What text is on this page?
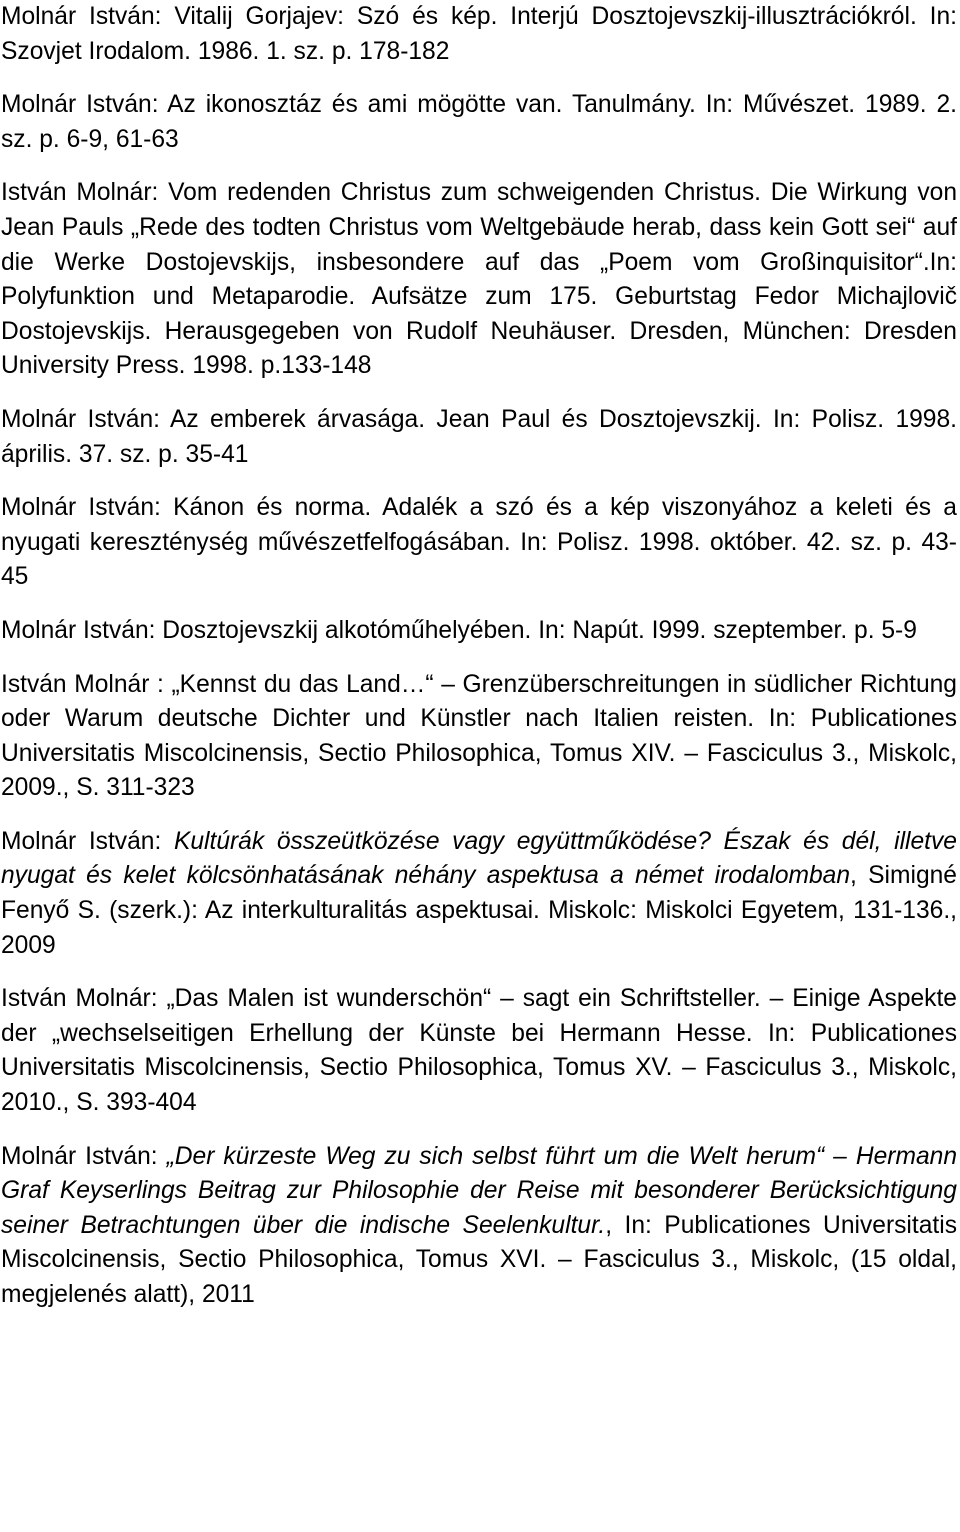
Molnár István: Vitalij Gorjajev: Szó és kép. Interjú Dosztojevszkij-illusztrációkról. In: Szovjet Irodalom. 1986. 1. sz. p. 178-182
Molnár István: Az ikonosztáz és ami mögötte van. Tanulmány. In: Művészet. 1989. 2. sz. p. 6-9, 61-63
István Molnár: Vom redenden Christus zum schweigenden Christus. Die Wirkung von Jean Pauls „Rede des todten Christus vom Weltgebäude herab, dass kein Gott sei“ auf die Werke Dostojevskijs, insbesondere auf das „Poem vom Großinquisitor“.In: Polyfunktion und Metaparodie. Aufsätze zum 175. Geburtstag Fedor Michajlovič Dostojevskijs. Herausgegeben von Rudolf Neuhäuser. Dresden, München: Dresden University Press. 1998. p.133-148
Molnár István: Az emberek árvasága. Jean Paul és Dosztojevszkij. In: Polisz. 1998. április. 37. sz. p. 35-41
Molnár István: Kánon és norma. Adalék a szó és a kép viszonyához a keleti és a nyugati kereszténység művészetfelfogásában. In: Polisz. 1998. október. 42. sz. p. 43-45
Molnár István: Dosztojevszkij alkotóműhelyében. In: Napút. I999. szeptember. p. 5-9
István Molnár : „Kennst du das Land…“ – Grenzüberschreitungen in südlicher Richtung oder Warum deutsche Dichter und Künstler nach Italien reisten. In: Publicationes Universitatis Miscolcinensis, Sectio Philosophica, Tomus XIV. – Fasciculus 3., Miskolc, 2009., S. 311-323
Molnár István: Kultúrák összeütközése vagy együttműködése? Észak és dél, illetve nyugat és kelet kölcsönhatásának néhány aspektusa a német irodalomban, Simigné Fenyő S. (szerk.): Az interkulturalitás aspektusai. Miskolc: Miskolci Egyetem, 131-136., 2009
István Molnár: „Das Malen ist wunderschön“ – sagt ein Schriftsteller. – Einige Aspekte der „wechselseitigen Erhellung der Künste bei Hermann Hesse. In: Publicationes Universitatis Miscolcinensis, Sectio Philosophica, Tomus XV. – Fasciculus 3., Miskolc, 2010., S. 393-404
Molnár István: „Der kürzeste Weg zu sich selbst führt um die Welt herum“ – Hermann Graf Keyserlings Beitrag zur Philosophie der Reise mit besonderer Berücksichtigung seiner Betrachtungen über die indische Seelenkultur., In: Publicationes Universitatis Miscolcinensis, Sectio Philosophica, Tomus XVI. – Fasciculus 3., Miskolc, (15 oldal, megjelenés alatt), 2011
